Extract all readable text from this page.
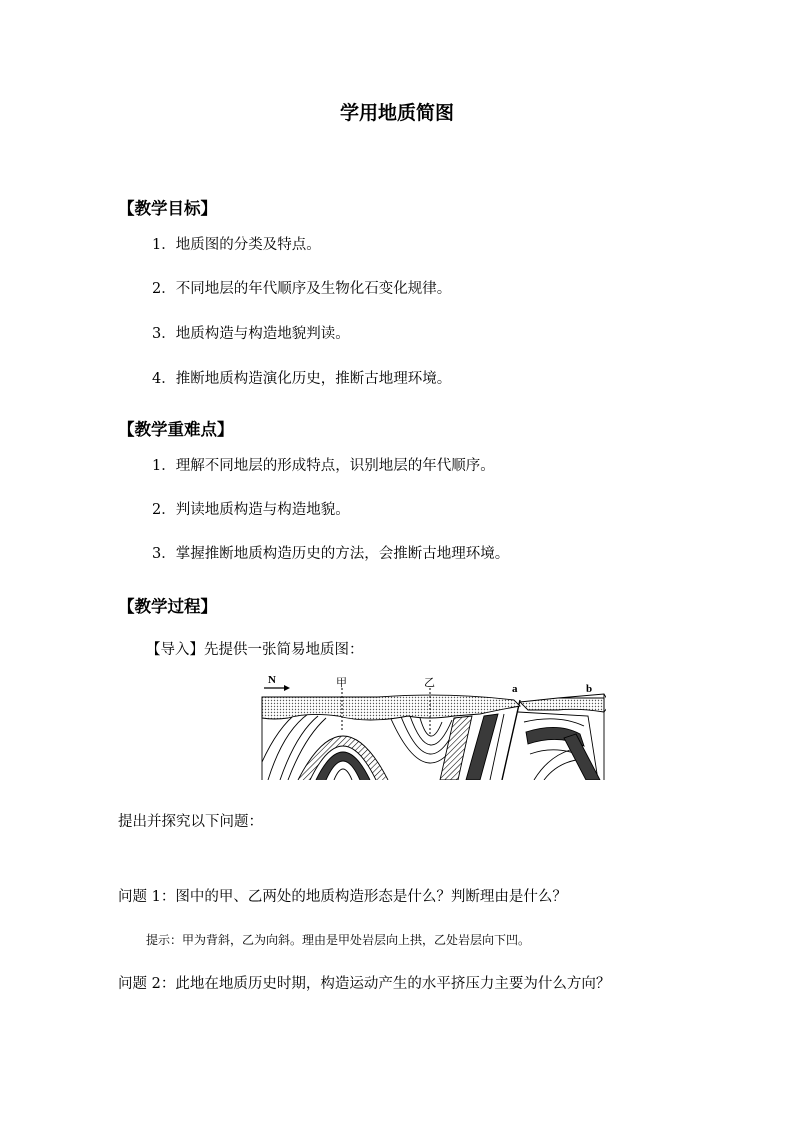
学用地质简图
【教学目标】
1．地质图的分类及特点。
2．不同地层的年代顺序及生物化石变化规律。
3．地质构造与构造地貌判读。
4．推断地质构造演化历史，推断古地理环境。
【教学重难点】
1．理解不同地层的形成特点，识别地层的年代顺序。
2．判读地质构造与构造地貌。
3．掌握推断地质构造历史的方法，会推断古地理环境。
【教学过程】
【导入】先提供一张简易地质图：
N	甲	乙	a	b
提出并探究以下问题：
问题 1：图中的甲、乙两处的地质构造形态是什么？判断理由是什么？
提示：甲为背斜，乙为向斜。理由是甲处岩层向上拱，乙处岩层向下凹。
问题 2：此地在地质历史时期，构造运动产生的水平挤压力主要为什么方向？
